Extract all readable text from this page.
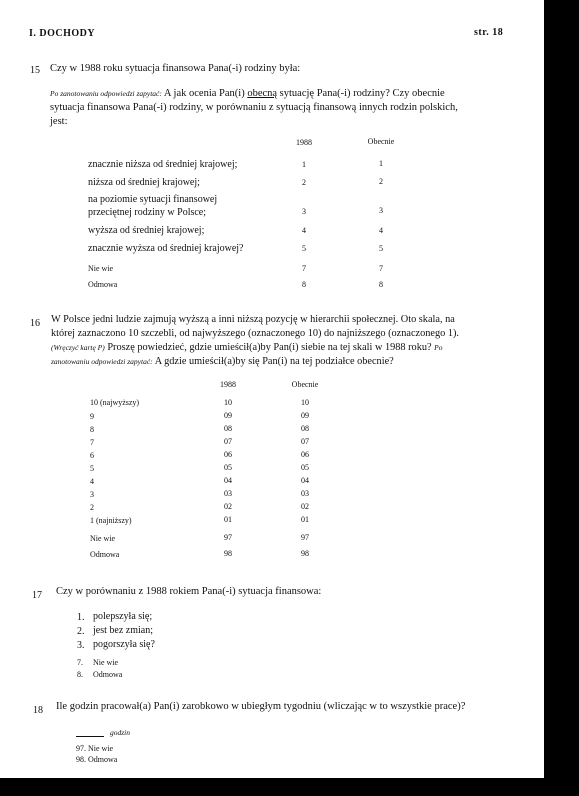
I. DOCHODY	str. 18
15 Czy w 1988 roku sytuacja finansowa Pana(-i) rodziny była:
Po zanotowaniu odpowiedzi zapytać: A jak ocenia Pan(i) obecną sytuację Pana(-i) rodziny? Czy obecnie
sytuacja finansowa Pana(-i) rodziny, w porównaniu z sytuacją finansową innych rodzin polskich,
jest:
1988	Obecnie
znacznie niższa od średniej krajowej;	1	1
niższa od średniej krajowej;	2	2
na poziomie sytuacji finansowej
przeciętnej rodziny w Polsce;	3	3
wyższa od średniej krajowej;	4	4
znacznie wyższa od średniej krajowej?	5	5
Nie wie	7	7
Odmowa	8	8
16 W Polsce jedni ludzie zajmują wyższą a inni niższą pozycję w hierarchii społecznej. Oto skala, na
której zaznaczono 10 szczebli, od najwyższego (oznaczonego 10) do najniższego (oznaczonego 1).
(Wręczyć kartę P) Proszę powiedzieć, gdzie umieścił(a)by Pan(i) siebie na tej skali w 1988 roku? Po
zanotowaniu odpowiedzi zapytać: A gdzie umieścił(a)by się Pan(i) na tej podziałce obecnie?
1988	Obecnie
10 (najwyższy)	10	10
9	09	09
8	08	08
7	07	07
6	06	06
5	05	05
4	04	04
3	03	03
2	02	02
1 (najniższy)	01	01
Nie wie	97	97
Odmowa	98	98
17 Czy w porównaniu z 1988 rokiem Pana(-i) sytuacja finansowa:
1. polepszyła się;
2. jest bez zmian;
3. pogorszyła się?
7. Nie wie
8. Odmowa
18 Ile godzin pracował(a) Pan(i) zarobkowo w ubiegłym tygodniu (wliczając w to wszystkie prace)?
godzin
97. Nie wie
98. Odmowa
